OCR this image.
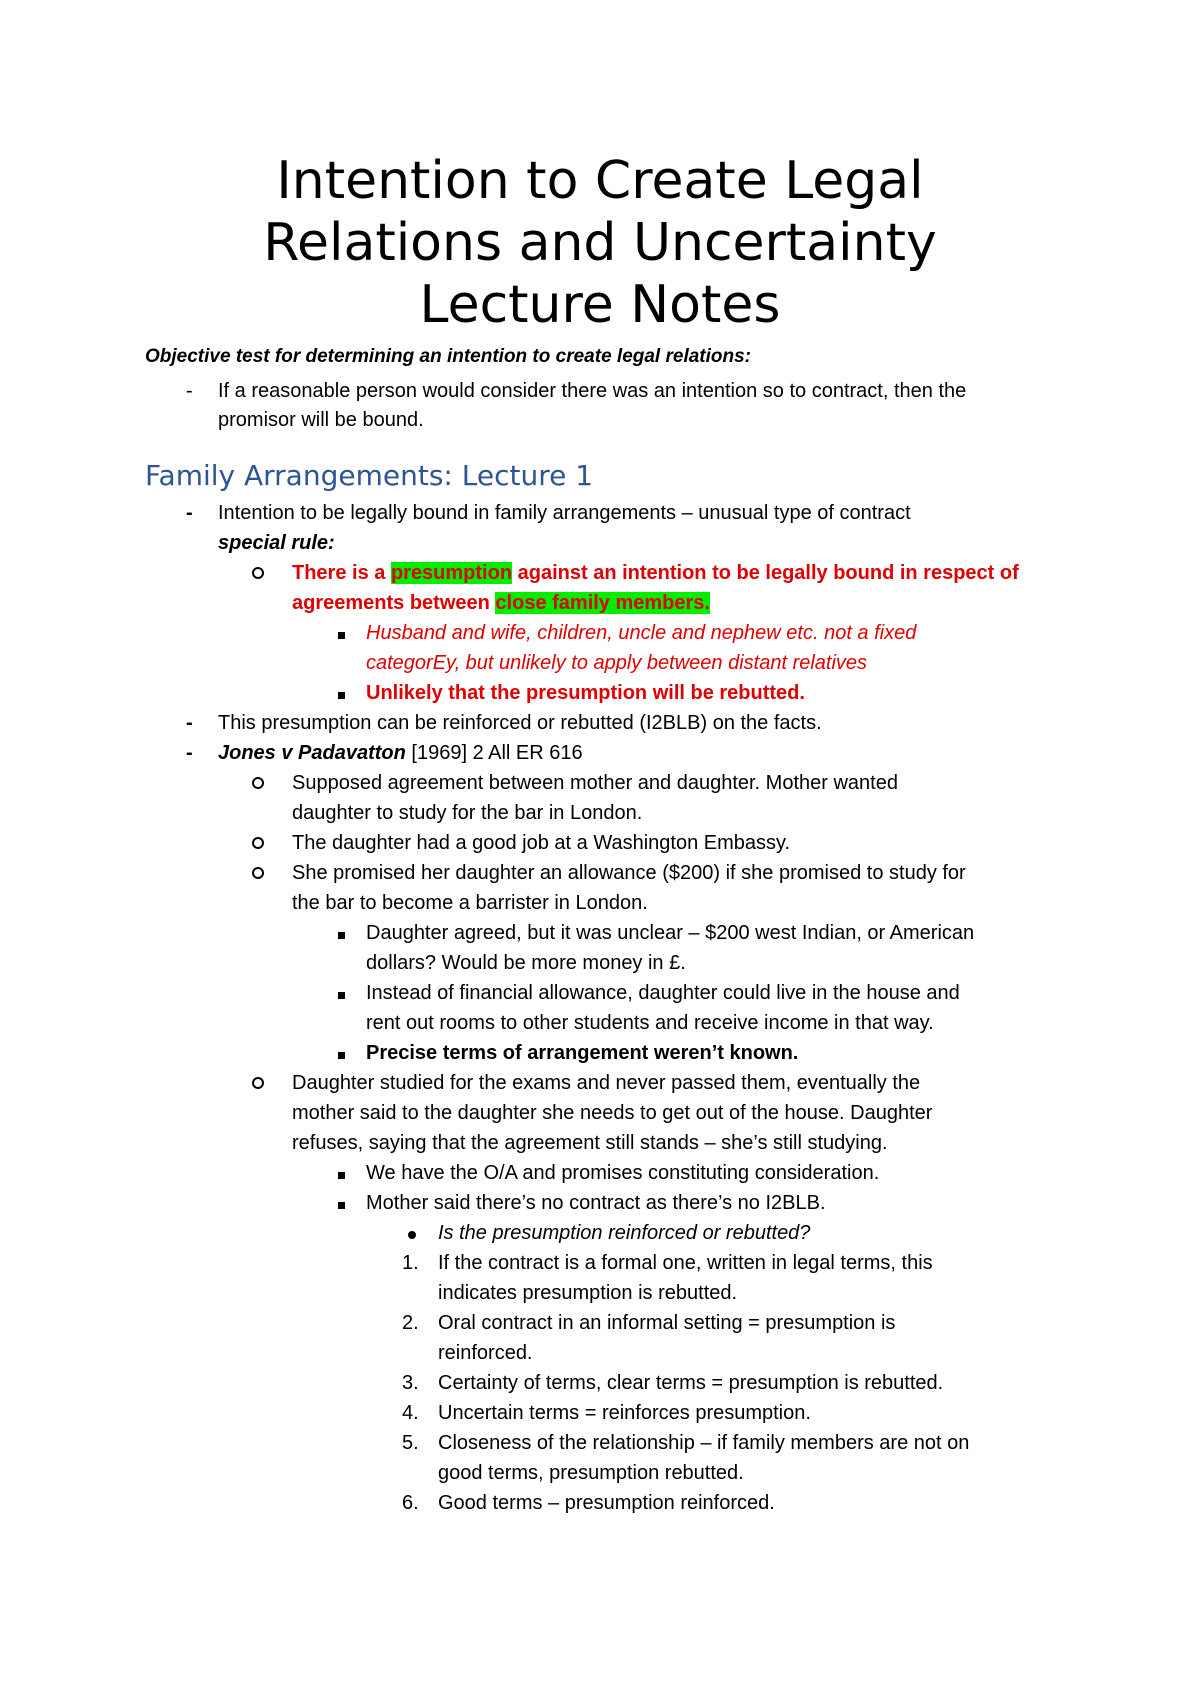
Intention to Create Legal
Relations and Uncertainty
Lecture Notes
Objective test for determining an intention to create legal relations:
- If a reasonable person would consider there was an intention so to contract, then the
promisor will be bound.
Family Arrangements: Lecture 1
- Intention to be legally bound in family arrangements – unusual type of contract
special rule:
There is a presumption against an intention to be legally bound in respect of
agreements between close family members.
Husband and wife, children, uncle and nephew etc. not a fixed
categorEy, but unlikely to apply between distant relatives
Unlikely that the presumption will be rebutted.
- This presumption can be reinforced or rebutted (I2BLB) on the facts.
- Jones v Padavatton [1969] 2 All ER 616
Supposed agreement between mother and daughter. Mother wanted
daughter to study for the bar in London.
The daughter had a good job at a Washington Embassy.
She promised her daughter an allowance ($200) if she promised to study for
the bar to become a barrister in London.
Daughter agreed, but it was unclear – $200 west Indian, or American
dollars? Would be more money in £.
Instead of financial allowance, daughter could live in the house and
rent out rooms to other students and receive income in that way.
Precise terms of arrangement weren’t known.
Daughter studied for the exams and never passed them, eventually the
mother said to the daughter she needs to get out of the house. Daughter
refuses, saying that the agreement still stands – she’s still studying.
We have the O/A and promises constituting consideration.
Mother said there’s no contract as there’s no I2BLB.
Is the presumption reinforced or rebutted?
1. If the contract is a formal one, written in legal terms, this
indicates presumption is rebutted.
2. Oral contract in an informal setting = presumption is
reinforced.
3. Certainty of terms, clear terms = presumption is rebutted.
4. Uncertain terms = reinforces presumption.
5. Closeness of the relationship – if family members are not on
good terms, presumption rebutted.
6. Good terms – presumption reinforced.
